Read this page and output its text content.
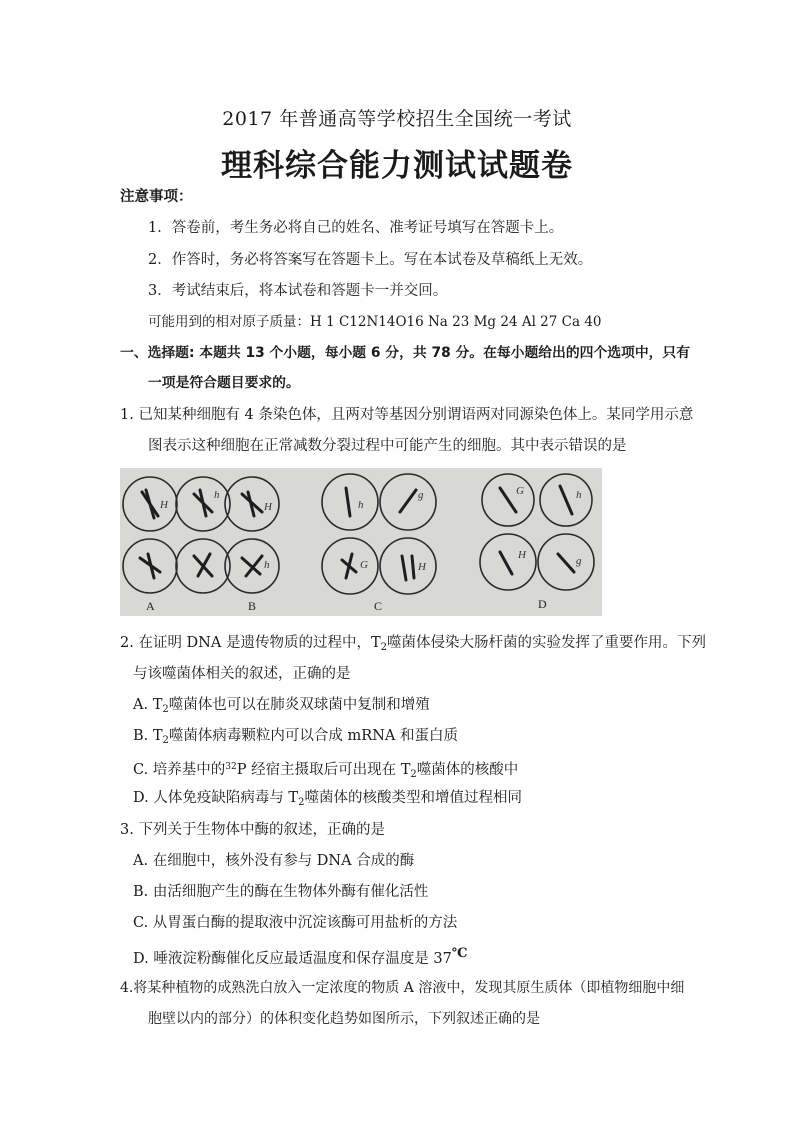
2017 年普通高等学校招生全国统一考试
理科综合能力测试试题卷
注意事项：
1．答卷前，考生务必将自己的姓名、准考证号填写在答题卡上。
2．作答时，务必将答案写在答题卡上。写在本试卷及草稿纸上无效。
3．考试结束后，将本试卷和答题卡一并交回。
可能用到的相对原子质量：H 1 C12N14O16 Na 23 Mg 24 Al 27 Ca 40
一、选择题: 本题共 13 个小题，每小题 6 分，共 78 分。在每小题给出的四个选项中，只有
一项是符合题目要求的。
1. 已知某种细胞有 4 条染色体，且两对等基因分别谓语两对同源染色体上。某同学用示意
图表示这种细胞在正常减数分裂过程中可能产生的细胞。其中表示错误的是
H
h
H
h
h
g
G	H
G	h
H	g
A	B	C	D
2. 在证明 DNA 是遗传物质的过程中，$T_2$噬菌体侵染大肠杆菌的实验发挥了重要作用。下列
与该噬菌体相关的叙述，正确的是
A. $T_2$噬菌体也可以在肺炎双球菌中复制和增殖
B. $T_2$噬菌体病毒颗粒内可以合成 mRNA 和蛋白质
C. 培养基中的$^{32}$P 经宿主摄取后可出现在 $T_2$噬菌体的核酸中
D. 人体免疫缺陷病毒与 $T_2$噬菌体的核酸类型和增值过程相同
3. 下列关于生物体中酶的叙述，正确的是
A. 在细胞中，核外没有参与 DNA 合成的酶
B. 由活细胞产生的酶在生物体外酶有催化活性
C. 从胃蛋白酶的提取液中沉淀该酶可用盐析的方法
D. 唾液淀粉酶催化反应最适温度和保存温度是 37℃
4.将某种植物的成熟洗白放入一定浓度的物质 A 溶液中，发现其原生质体（即植物细胞中细
胞壁以内的部分）的体积变化趋势如图所示，下列叙述正确的是
